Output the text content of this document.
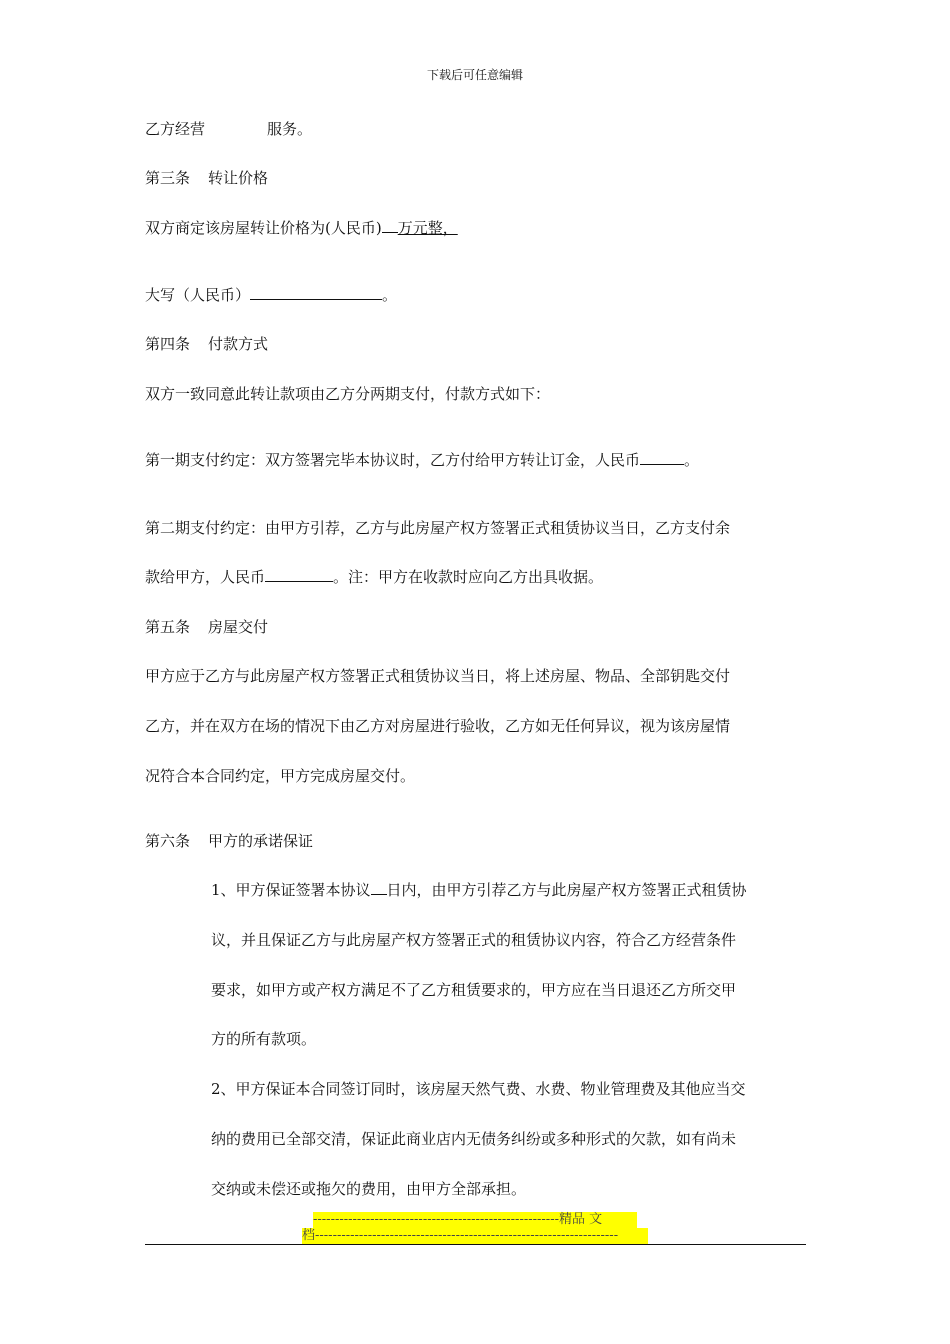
下载后可任意编辑
乙方经营	服务。
第三条 转让价格
双方商定该房屋转让价格为(人民币) 万元整，
大写（人民币）	。
第四条 付款方式
双方一致同意此转让款项由乙方分两期支付，付款方式如下：
第一期支付约定：双方签署完毕本协议时，乙方付给甲方转让订金，人民币	。
第二期支付约定：由甲方引荐，乙方与此房屋产权方签署正式租赁协议当日，乙方支付余
款给甲方，人民币	。注：甲方在收款时应向乙方出具收据。
第五条 房屋交付
甲方应于乙方与此房屋产权方签署正式租赁协议当日，将上述房屋、物品、全部钥匙交付
乙方，并在双方在场的情况下由乙方对房屋进行验收，乙方如无任何异议，视为该房屋情
况符合本合同约定，甲方完成房屋交付。
第六条 甲方的承诺保证
1、甲方保证签署本协议 日内，由甲方引荐乙方与此房屋产权方签署正式租赁协
议，并且保证乙方与此房屋产权方签署正式的租赁协议内容，符合乙方经营条件
要求，如甲方或产权方满足不了乙方租赁要求的，甲方应在当日退还乙方所交甲
方的所有款项。
2、甲方保证本合同签订同时，该房屋天然气费、水费、物业管理费及其他应当交
纳的费用已全部交清，保证此商业店内无债务纠纷或多种形式的欠款，如有尚未
交纳或未偿还或拖欠的费用，由甲方全部承担。
--------------------------------------------------------精品 文
档---------------------------------------------------------------------
